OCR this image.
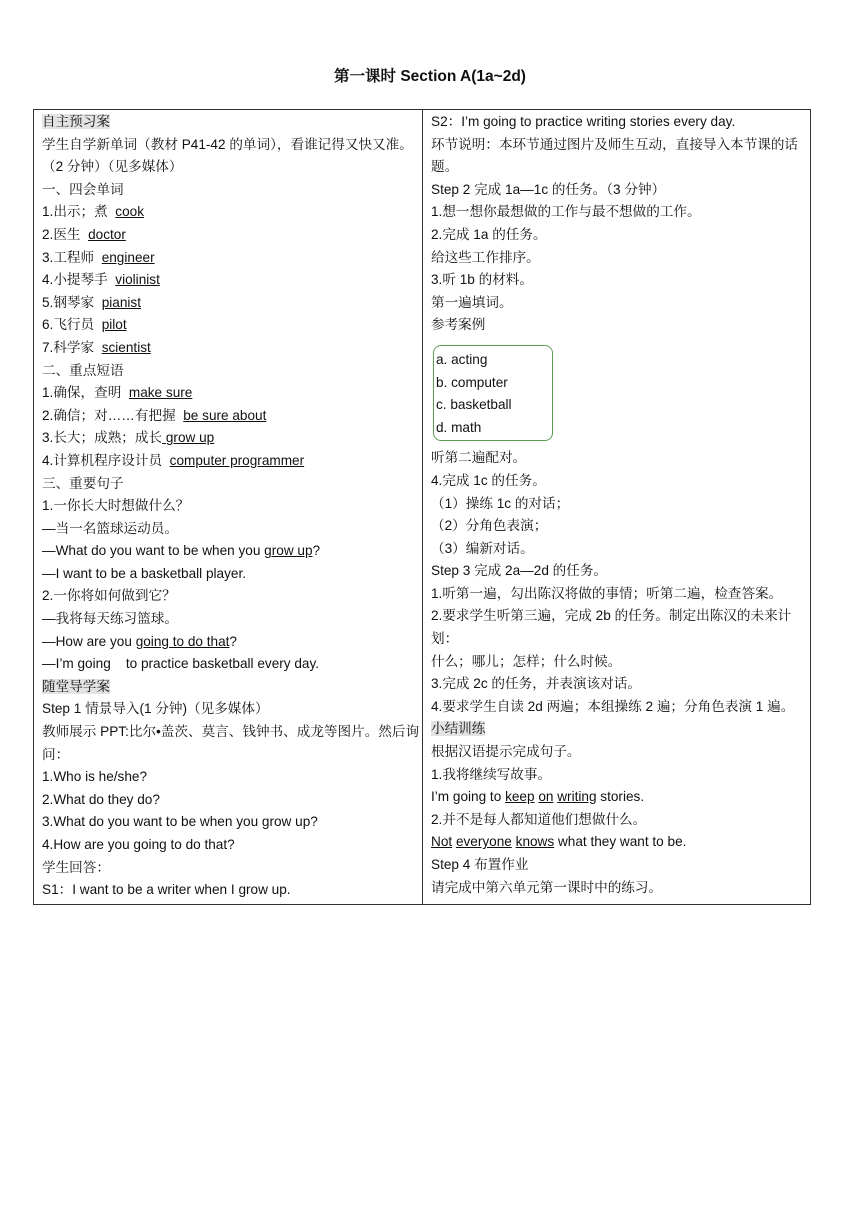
第一课时 Section A(1a~2d)
自主预习案
学生自学新单词（教材 P41-42 的单词），看谁记得又快又准。（2 分钟）（见多媒体）
一、四会单词
1.出示；煮 cook
2.医生 doctor
3.工程师 engineer
4.小提琴手 violinist
5.钢琴家 pianist
6.飞行员 pilot
7.科学家 scientist
二、重点短语
1.确保，查明 make sure
2.确信；对……有把握 be sure about
3.长大；成熟；成长 grow up
4.计算机程序设计员 computer programmer
三、重要句子
1.一你长大时想做什么？
—当一名篮球运动员。
—What do you want to be when you grow up?
—I want to be a basketball player.
2.一你将如何做到它？
—我将每天练习篮球。
—How are you going to do that?
—I’m going    to practice basketball every day.
随堂导学案
Step 1 情景导入(1 分钟)（见多媒体）
教师展示 PPT:比尔•盖茨、莫言、钱钟书、成龙等图片。然后询问：
1.Who is he/she?
2.What do they do?
3.What do you want to be when you grow up?
4.How are you going to do that?
学生回答：
S1：I want to be a writer when I grow up.

S2：I’m going to practice writing stories every day.
环节说明：本环节通过图片及师生互动，直接导入本节课的话题。
Step 2 完成 1a—1c 的任务。（3 分钟）
1.想一想你最想做的工作与最不想做的工作。
2.完成 1a 的任务。
给这些工作排序。
3.听 1b 的材料。
第一遍填词。
参考案例
a. acting
b. computer
c. basketball
d. math
听第二遍配对。
4.完成 1c 的任务。
（1）操练 1c 的对话；
（2）分角色表演；
（3）编新对话。
Step 3 完成 2a—2d 的任务。
1.听第一遍，勾出陈汉将做的事情；听第二遍，检查答案。
2.要求学生听第三遍，完成 2b 的任务。制定出陈汉的未来计划：
什么；哪儿；怎样；什么时候。
3.完成 2c 的任务，并表演该对话。
4.要求学生自读 2d 两遍；本组操练 2 遍；分角色表演 1 遍。
小结训练
根据汉语提示完成句子。
1.我将继续写故事。
I’m going to keep on writing stories.
2.并不是每人都知道他们想做什么。
Not everyone knows what they want to be.
Step 4 布置作业
请完成中第六单元第一课时中的练习。
